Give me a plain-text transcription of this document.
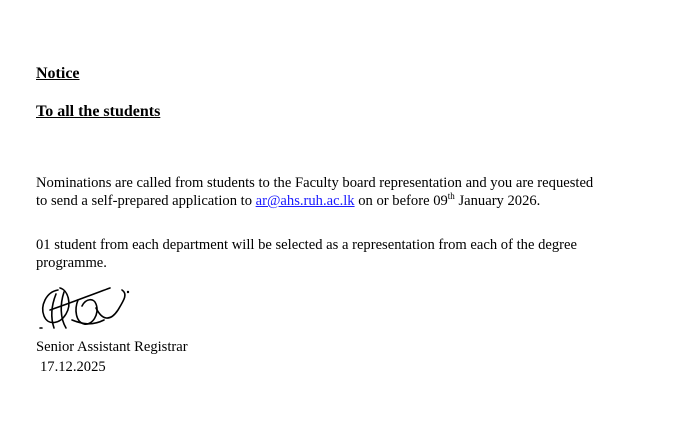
Notice
To all the students

Nominations are called from students to the Faculty board representation and you are requested
to send a self-prepared application to ar@ahs.ruh.ac.lk on or before 09th January 2026.

01 student from each department will be selected as a representation from each of the degree
programme.

Senior Assistant Registrar
17.12.2025
